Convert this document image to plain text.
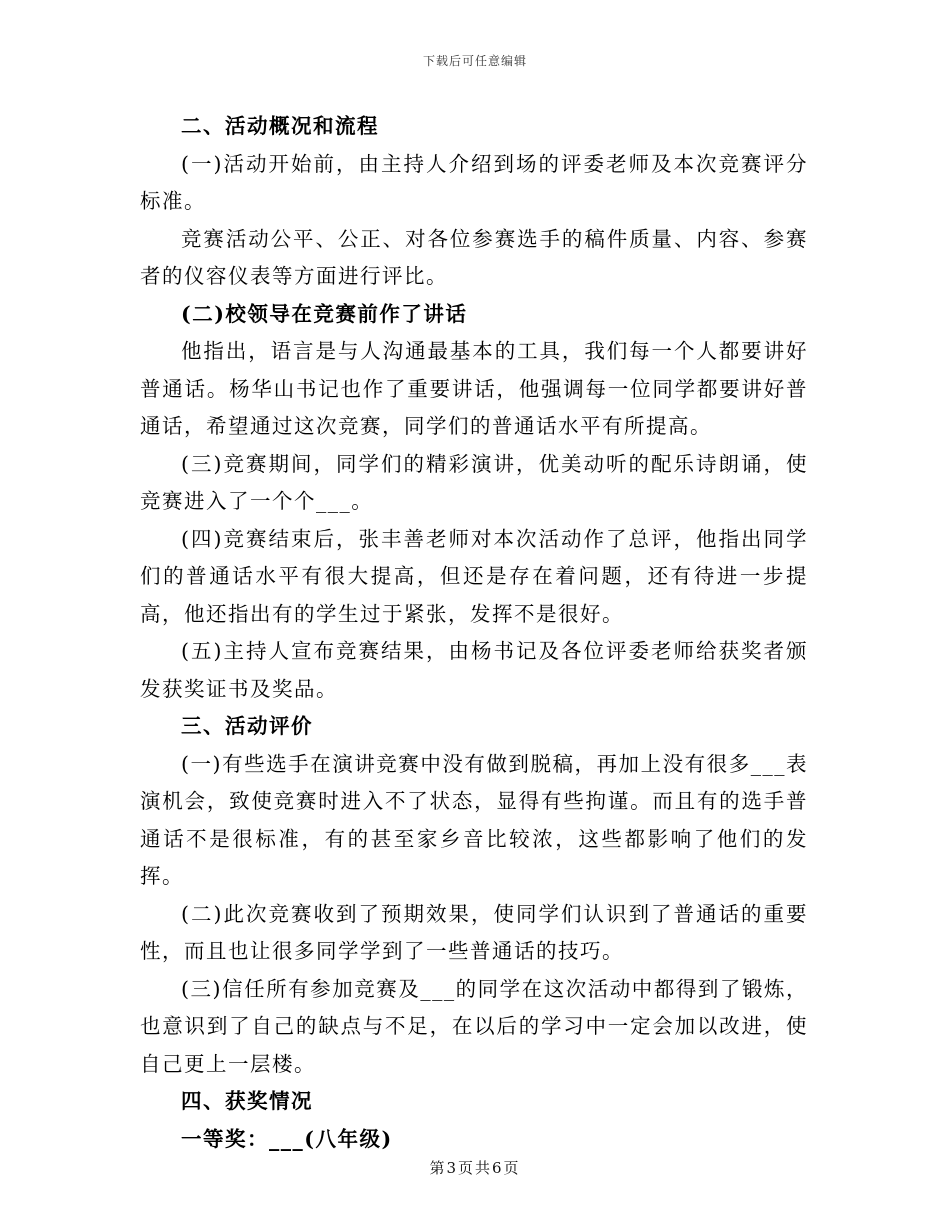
下载后可任意编辑

二、活动概况和流程

(一)活动开始前，由主持人介绍到场的评委老师及本次竞赛评分标准。

竞赛活动公平、公正、对各位参赛选手的稿件质量、内容、参赛者的仪容仪表等方面进行评比。

(二)校领导在竞赛前作了讲话

他指出，语言是与人沟通最基本的工具，我们每一个人都要讲好普通话。杨华山书记也作了重要讲话，他强调每一位同学都要讲好普通话，希望通过这次竞赛，同学们的普通话水平有所提高。

(三)竞赛期间，同学们的精彩演讲，优美动听的配乐诗朗诵，使竞赛进入了一个个___。

(四)竞赛结束后，张丰善老师对本次活动作了总评，他指出同学们的普通话水平有很大提高，但还是存在着问题，还有待进一步提高，他还指出有的学生过于紧张，发挥不是很好。

(五)主持人宣布竞赛结果，由杨书记及各位评委老师给获奖者颁发获奖证书及奖品。

三、活动评价

(一)有些选手在演讲竞赛中没有做到脱稿，再加上没有很多___表演机会，致使竞赛时进入不了状态，显得有些拘谨。而且有的选手普通话不是很标准，有的甚至家乡音比较浓，这些都影响了他们的发挥。

(二)此次竞赛收到了预期效果，使同学们认识到了普通话的重要性，而且也让很多同学学到了一些普通话的技巧。

(三)信任所有参加竞赛及___的同学在这次活动中都得到了锻炼，也意识到了自己的缺点与不足，在以后的学习中一定会加以改进，使自己更上一层楼。

四、获奖情况

一等奖：___(八年级)

第3页共6页
